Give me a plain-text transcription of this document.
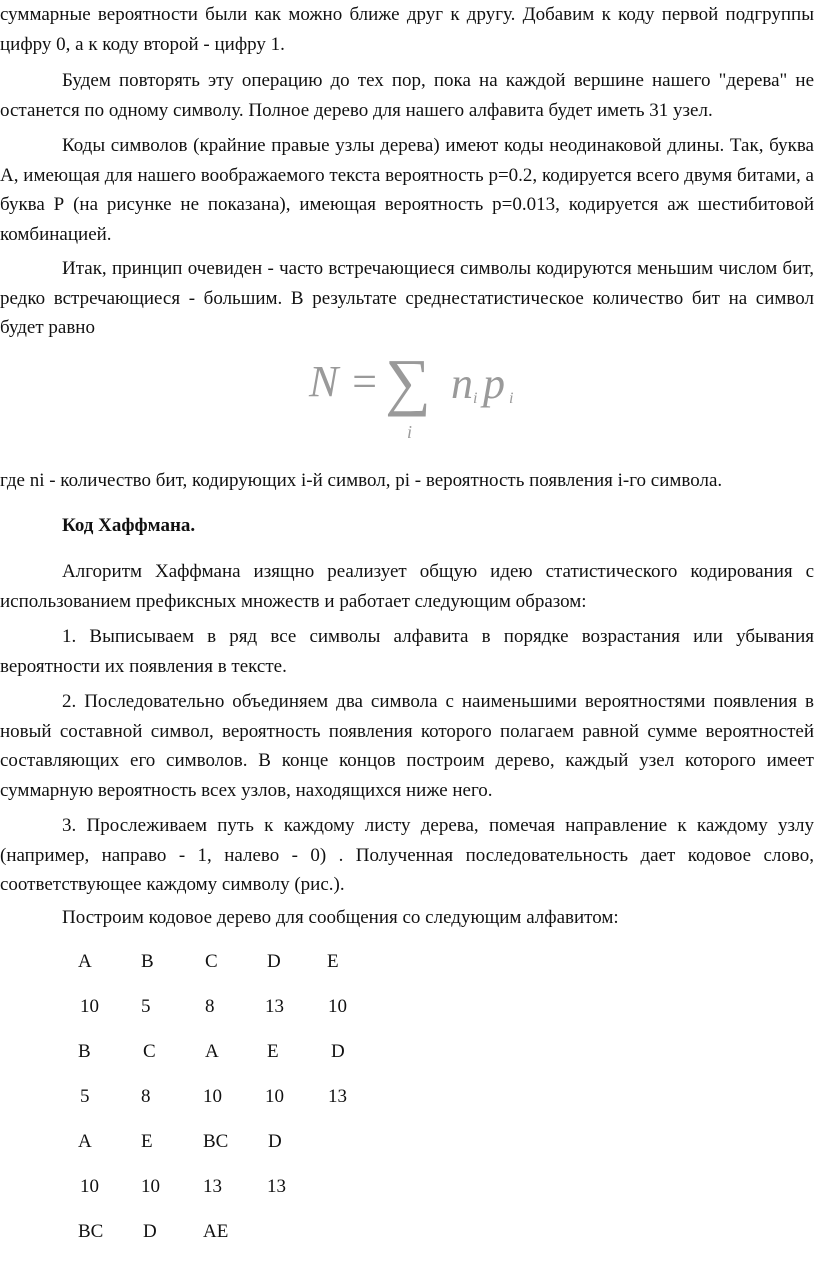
суммарные вероятности были как можно ближе друг к другу. Добавим к коду первой подгруппы цифру 0, а к коду второй - цифру 1.

Будем повторять эту операцию до тех пор, пока на каждой вершине нашего "дерева" не останется по одному символу. Полное дерево для нашего алфавита будет иметь 31 узел.

Коды символов (крайние правые узлы дерева) имеют коды неодинаковой длины. Так, буква А, имеющая для нашего воображаемого текста вероятность p=0.2, кодируется всего двумя битами, а буква Р (на рисунке не показана), имеющая вероятность p=0.013, кодируется аж шестибитовой комбинацией.

Итак, принцип очевиден - часто встречающиеся символы кодируются меньшим числом бит, редко встречающиеся - большим. В результате среднестатистическое количество бит на символ будет равно

N = ∑ n i p i
i

где ni - количество бит, кодирующих i-й символ, pi - вероятность появления i-го символа.

Код Хаффмана.

Алгоритм Хаффмана изящно реализует общую идею статистического кодирования с использованием префиксных множеств и работает следующим образом:

1. Выписываем в ряд все символы алфавита в порядке возрастания или убывания вероятности их появления в тексте.

2. Последовательно объединяем два символа с наименьшими вероятностями появления в новый составной символ, вероятность появления которого полагаем равной сумме вероятностей составляющих его символов. В конце концов построим дерево, каждый узел которого имеет суммарную вероятность всех узлов, находящихся ниже него.

3. Прослеживаем путь к каждому листу дерева, помечая направление к каждому узлу (например, направо - 1, налево - 0) . Полученная последовательность дает кодовое слово, соответствующее каждому символу (рис.).

Построим кодовое дерево для сообщения со следующим алфавитом:

A	B	C	D E
10 5	8	13 10
B	C	A	E	D
5	8	10 10 13
A	E	BC D
10 10 13 13
BC D AE
